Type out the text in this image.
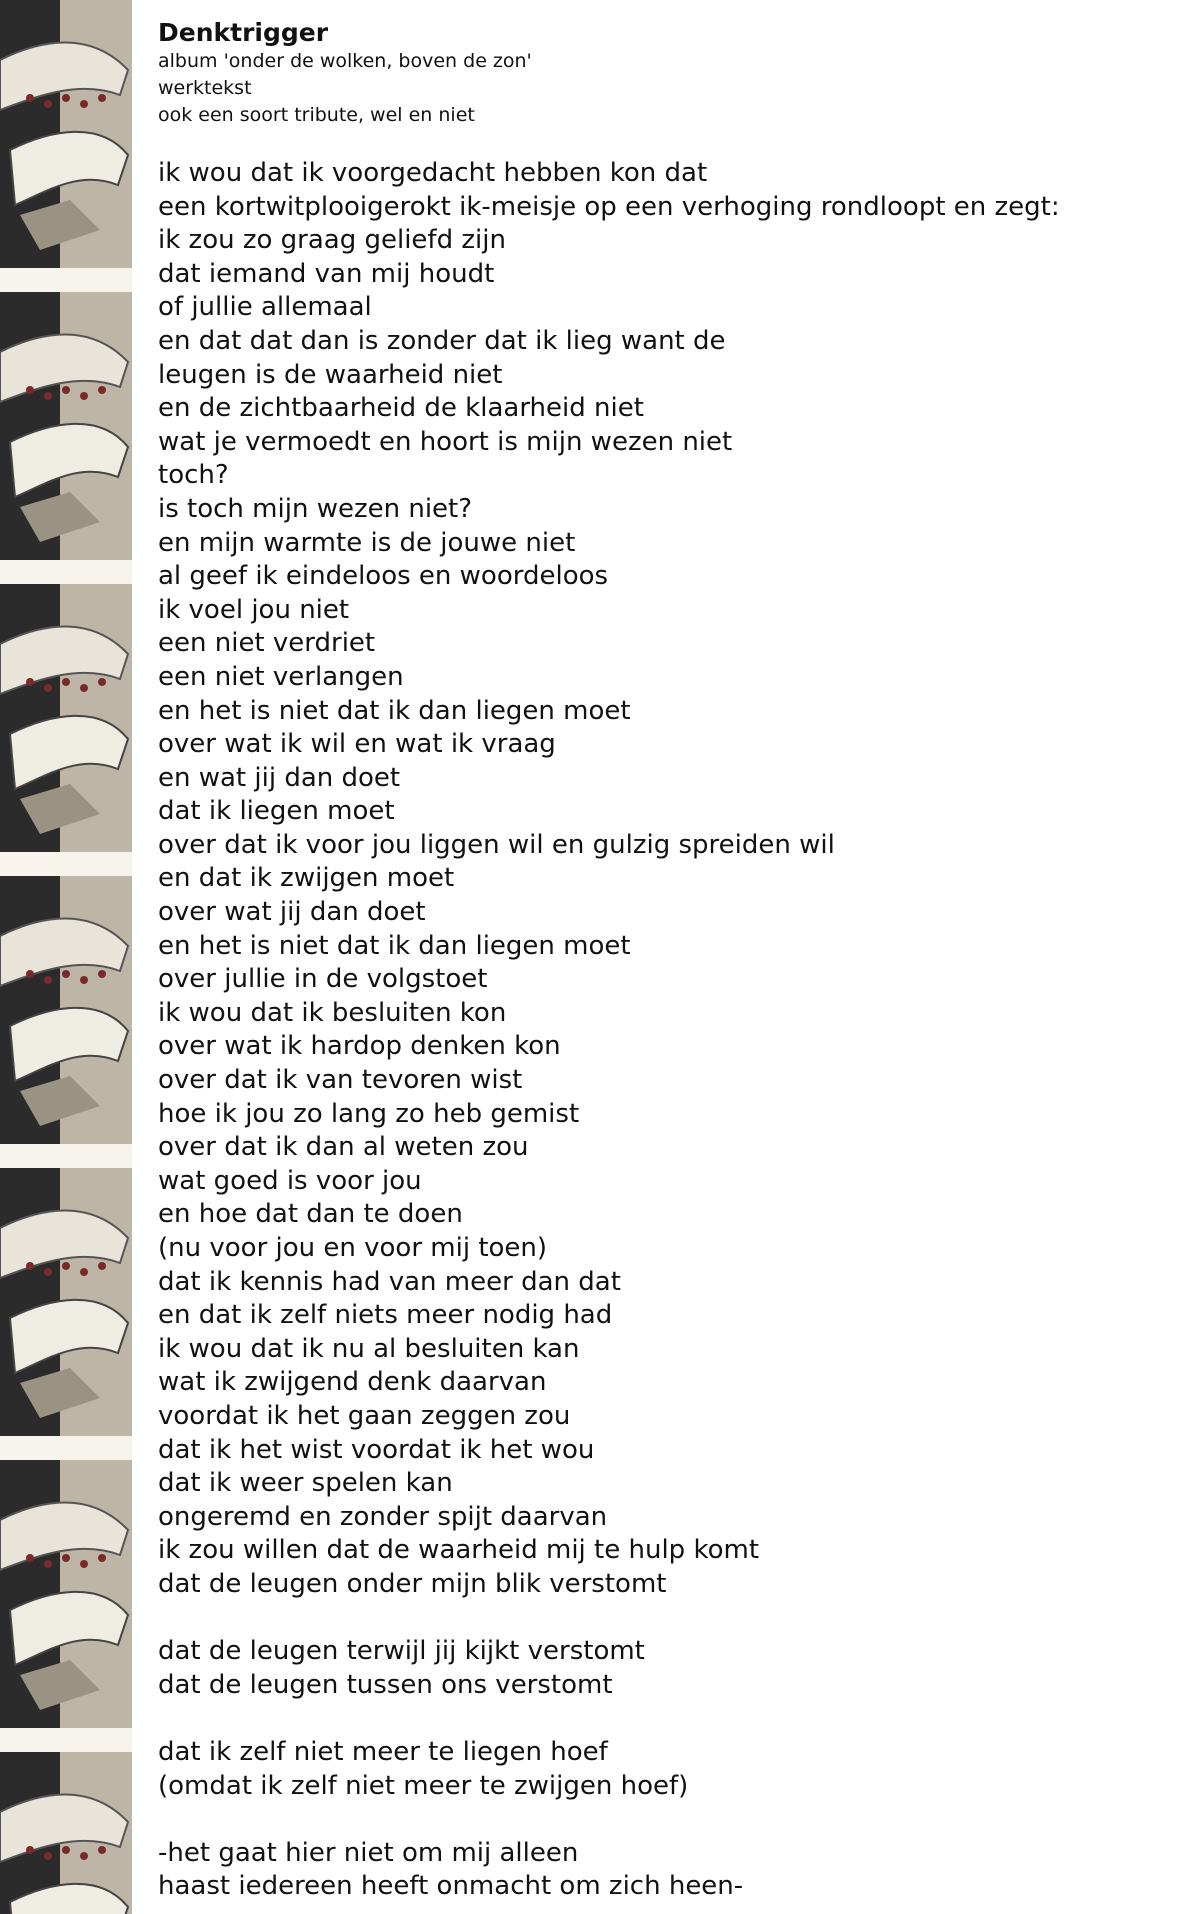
Denktrigger
album 'onder de wolken, boven de zon'
werktekst
ook een soort tribute, wel en niet
ik wou dat ik voorgedacht hebben kon dat
een kortwitplooigerokt ik-meisje op een verhoging rondloopt en zegt:
ik zou zo graag geliefd zijn
dat iemand van mij houdt
of jullie allemaal
en dat dat dan is zonder dat ik lieg want de
leugen is de waarheid niet
en de zichtbaarheid de klaarheid niet
wat je vermoedt en hoort is mijn wezen niet
toch?
is toch mijn wezen niet?
en mijn warmte is de jouwe niet
al geef ik eindeloos en woordeloos
ik voel jou niet
een niet verdriet
een niet verlangen
en het is niet dat ik dan liegen moet
over wat ik wil en wat ik vraag
en wat jij dan doet
dat ik liegen moet
over dat ik voor jou liggen wil en gulzig spreiden wil
en dat ik zwijgen moet
over wat jij dan doet
en het is niet dat ik dan liegen moet
over jullie in de volgstoet
ik wou dat ik besluiten kon
over wat ik hardop denken kon
over dat ik van tevoren wist
hoe ik jou zo lang zo heb gemist
over dat ik dan al weten zou
wat goed is voor jou
en hoe dat dan te doen
(nu voor jou en voor mij toen)
dat ik kennis had van meer dan dat
en dat ik zelf niets meer nodig had
ik wou dat ik nu al besluiten kan
wat ik zwijgend denk daarvan
voordat ik het gaan zeggen zou
dat ik het wist voordat ik het wou
dat ik weer spelen kan
ongeremd en zonder spijt daarvan
ik zou willen dat de waarheid mij te hulp komt
dat de leugen onder mijn blik verstomt
dat de leugen terwijl jij kijkt verstomt
dat de leugen tussen ons verstomt
dat ik zelf niet meer te liegen hoef
(omdat ik zelf niet meer te zwijgen hoef)
-het gaat hier niet om mij alleen
haast iedereen heeft onmacht om zich heen-
